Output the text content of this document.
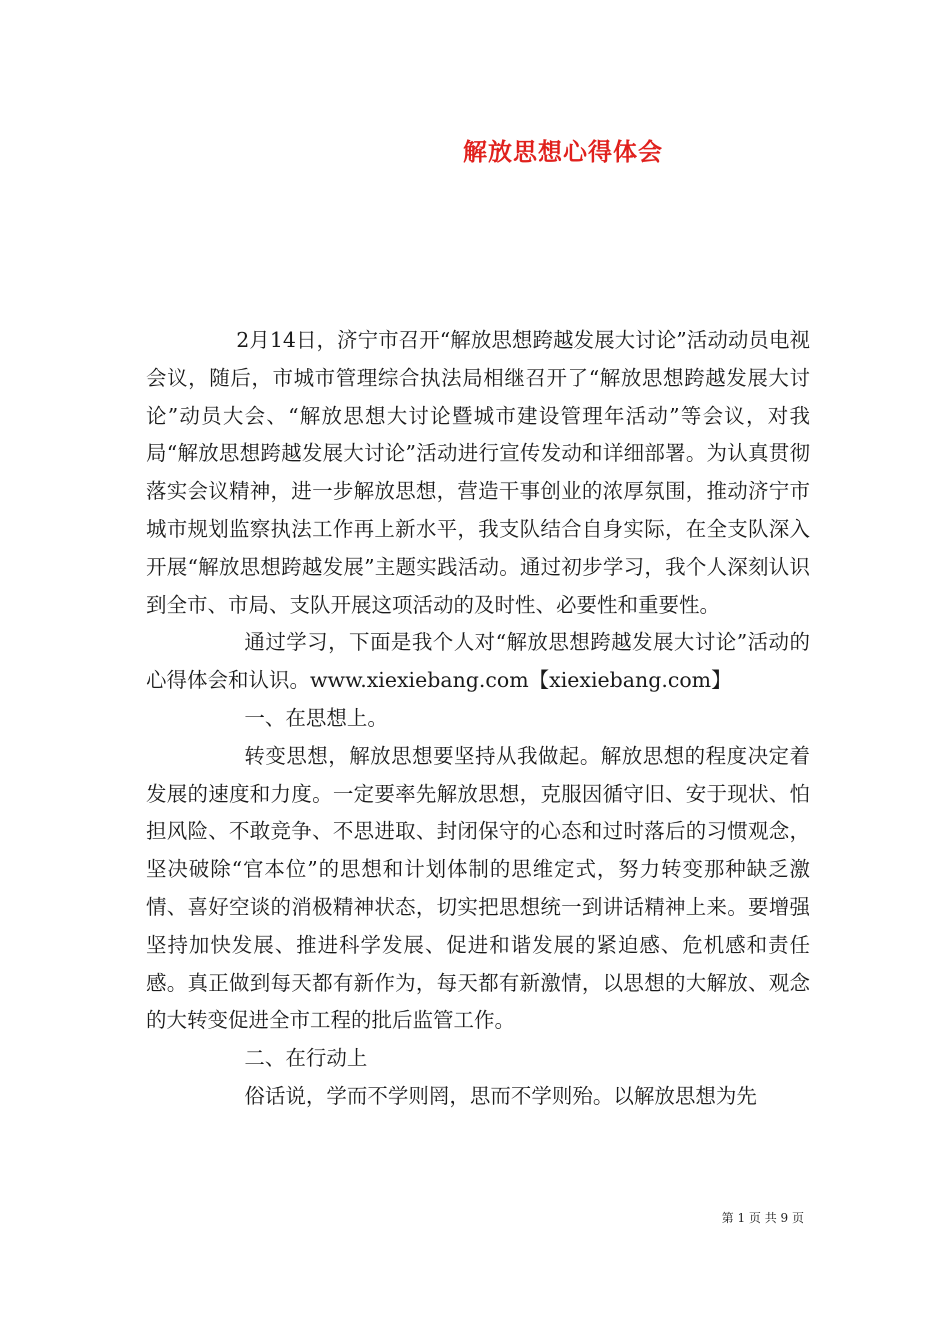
解放思想心得体会

2月14日，济宁市召开“解放思想跨越发展大讨论”活动动员电视会议，随后，市城市管理综合执法局相继召开了“解放思想跨越发展大讨论”动员大会、“解放思想大讨论暨城市建设管理年活动”等会议，对我局“解放思想跨越发展大讨论”活动进行宣传发动和详细部署。为认真贯彻落实会议精神，进一步解放思想，营造干事创业的浓厚氛围，推动济宁市城市规划监察执法工作再上新水平，我支队结合自身实际，在全支队深入开展“解放思想跨越发展”主题实践活动。通过初步学习，我个人深刻认识到全市、市局、支队开展这项活动的及时性、必要性和重要性。

通过学习，下面是我个人对“解放思想跨越发展大讨论”活动的心得体会和认识。www.xiexiebang.com【xiexiebang.com】

一、在思想上。

转变思想，解放思想要坚持从我做起。解放思想的程度决定着发展的速度和力度。一定要率先解放思想，克服因循守旧、安于现状、怕担风险、不敢竞争、不思进取、封闭保守的心态和过时落后的习惯观念，坚决破除“官本位”的思想和计划体制的思维定式，努力转变那种缺乏激情、喜好空谈的消极精神状态，切实把思想统一到讲话精神上来。要增强坚持加快发展、推进科学发展、促进和谐发展的紧迫感、危机感和责任感。真正做到每天都有新作为，每天都有新激情，以思想的大解放、观念的大转变促进全市工程的批后监管工作。

二、在行动上

俗话说，学而不学则罔，思而不学则殆。以解放思想为先

第 1 页 共 9 页
